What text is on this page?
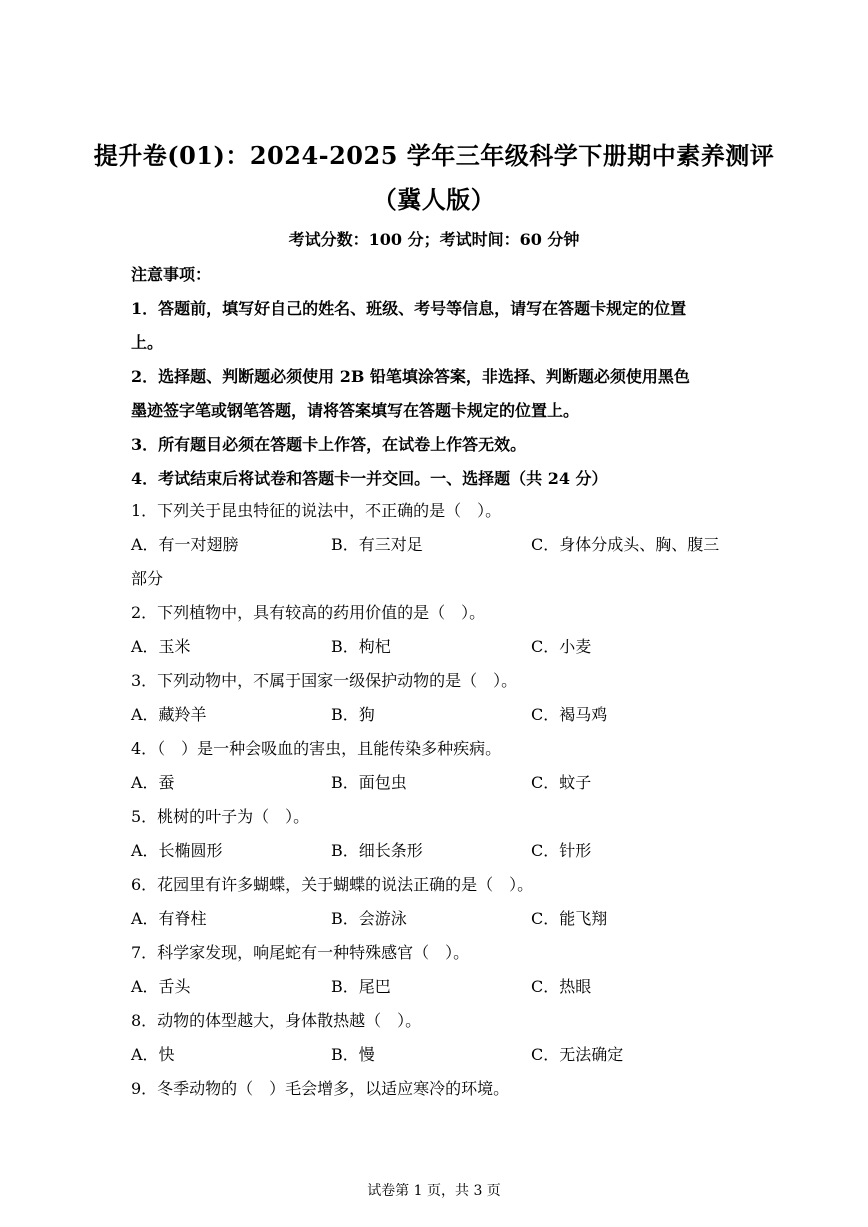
提升卷(01)：2024-2025 学年三年级科学下册期中素养测评
（冀人版）
考试分数：100 分；考试时间：60 分钟

注意事项：

1．答题前，填写好自己的姓名、班级、考号等信息，请写在答题卡规定的位置

上。

2．选择题、判断题必须使用 2B 铅笔填涂答案，非选择、判断题必须使用黑色

墨迹签字笔或钢笔答题，请将答案填写在答题卡规定的位置上。

3．所有题目必须在答题卡上作答，在试卷上作答无效。

4．考试结束后将试卷和答题卡一并交回。一、选择题（共 24 分）

1．下列关于昆虫特征的说法中，不正确的是（　）。

A．有一对翅膀	B．有三对足	C．身体分成头、胸、腹三

部分

2．下列植物中，具有较高的药用价值的是（　）。

A．玉米	B．枸杞	C．小麦

3．下列动物中，不属于国家一级保护动物的是（　）。

A．藏羚羊	B．狗	C．褐马鸡

4．（　）是一种会吸血的害虫，且能传染多种疾病。

A．蚕	B．面包虫	C．蚊子

5．桃树的叶子为（　）。

A．长椭圆形	B．细长条形	C．针形

6．花园里有许多蝴蝶，关于蝴蝶的说法正确的是（　）。

A．有脊柱	B．会游泳	C．能飞翔

7．科学家发现，响尾蛇有一种特殊感官（　）。

A．舌头	B．尾巴	C．热眼

8．动物的体型越大，身体散热越（　）。

A．快	B．慢	C．无法确定

9．冬季动物的（　）毛会增多，以适应寒冷的环境。

试卷第 1 页，共 3 页
